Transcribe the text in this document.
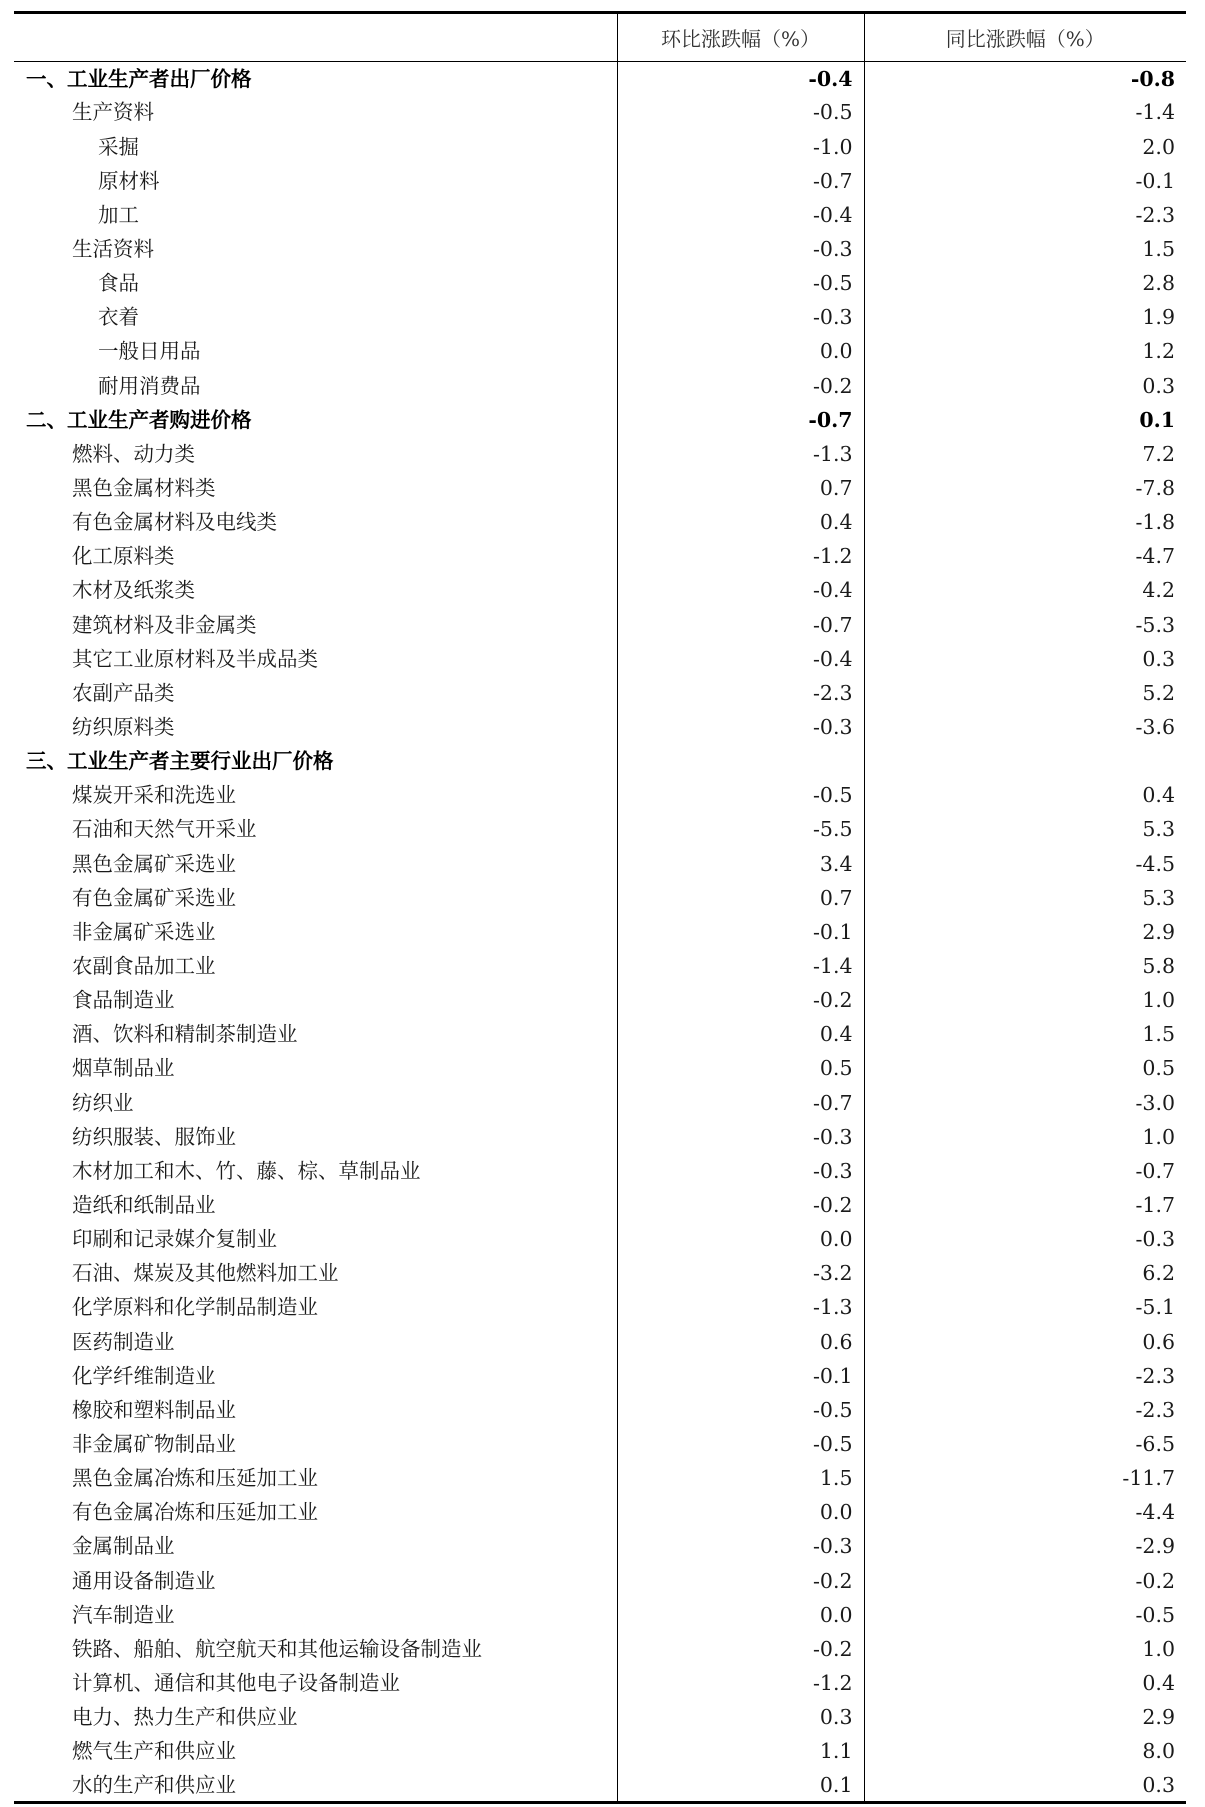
	环比涨跌幅（%）	同比涨跌幅（%）
一、工业生产者出厂价格	-0.4	-0.8
生产资料	-0.5	-1.4
采掘	-1.0	2.0
原材料	-0.7	-0.1
加工	-0.4	-2.3
生活资料	-0.3	1.5
食品	-0.5	2.8
衣着	-0.3	1.9
一般日用品	0.0	1.2
耐用消费品	-0.2	0.3
二、工业生产者购进价格	-0.7	0.1
燃料、动力类	-1.3	7.2
黑色金属材料类	0.7	-7.8
有色金属材料及电线类	0.4	-1.8
化工原料类	-1.2	-4.7
木材及纸浆类	-0.4	4.2
建筑材料及非金属类	-0.7	-5.3
其它工业原材料及半成品类	-0.4	0.3
农副产品类	-2.3	5.2
纺织原料类	-0.3	-3.6
三、工业生产者主要行业出厂价格		
煤炭开采和洗选业	-0.5	0.4
石油和天然气开采业	-5.5	5.3
黑色金属矿采选业	3.4	-4.5
有色金属矿采选业	0.7	5.3
非金属矿采选业	-0.1	2.9
农副食品加工业	-1.4	5.8
食品制造业	-0.2	1.0
酒、饮料和精制茶制造业	0.4	1.5
烟草制品业	0.5	0.5
纺织业	-0.7	-3.0
纺织服装、服饰业	-0.3	1.0
木材加工和木、竹、藤、棕、草制品业	-0.3	-0.7
造纸和纸制品业	-0.2	-1.7
印刷和记录媒介复制业	0.0	-0.3
石油、煤炭及其他燃料加工业	-3.2	6.2
化学原料和化学制品制造业	-1.3	-5.1
医药制造业	0.6	0.6
化学纤维制造业	-0.1	-2.3
橡胶和塑料制品业	-0.5	-2.3
非金属矿物制品业	-0.5	-6.5
黑色金属冶炼和压延加工业	1.5	-11.7
有色金属冶炼和压延加工业	0.0	-4.4
金属制品业	-0.3	-2.9
通用设备制造业	-0.2	-0.2
汽车制造业	0.0	-0.5
铁路、船舶、航空航天和其他运输设备制造业	-0.2	1.0
计算机、通信和其他电子设备制造业	-1.2	0.4
电力、热力生产和供应业	0.3	2.9
燃气生产和供应业	1.1	8.0
水的生产和供应业	0.1	0.3
